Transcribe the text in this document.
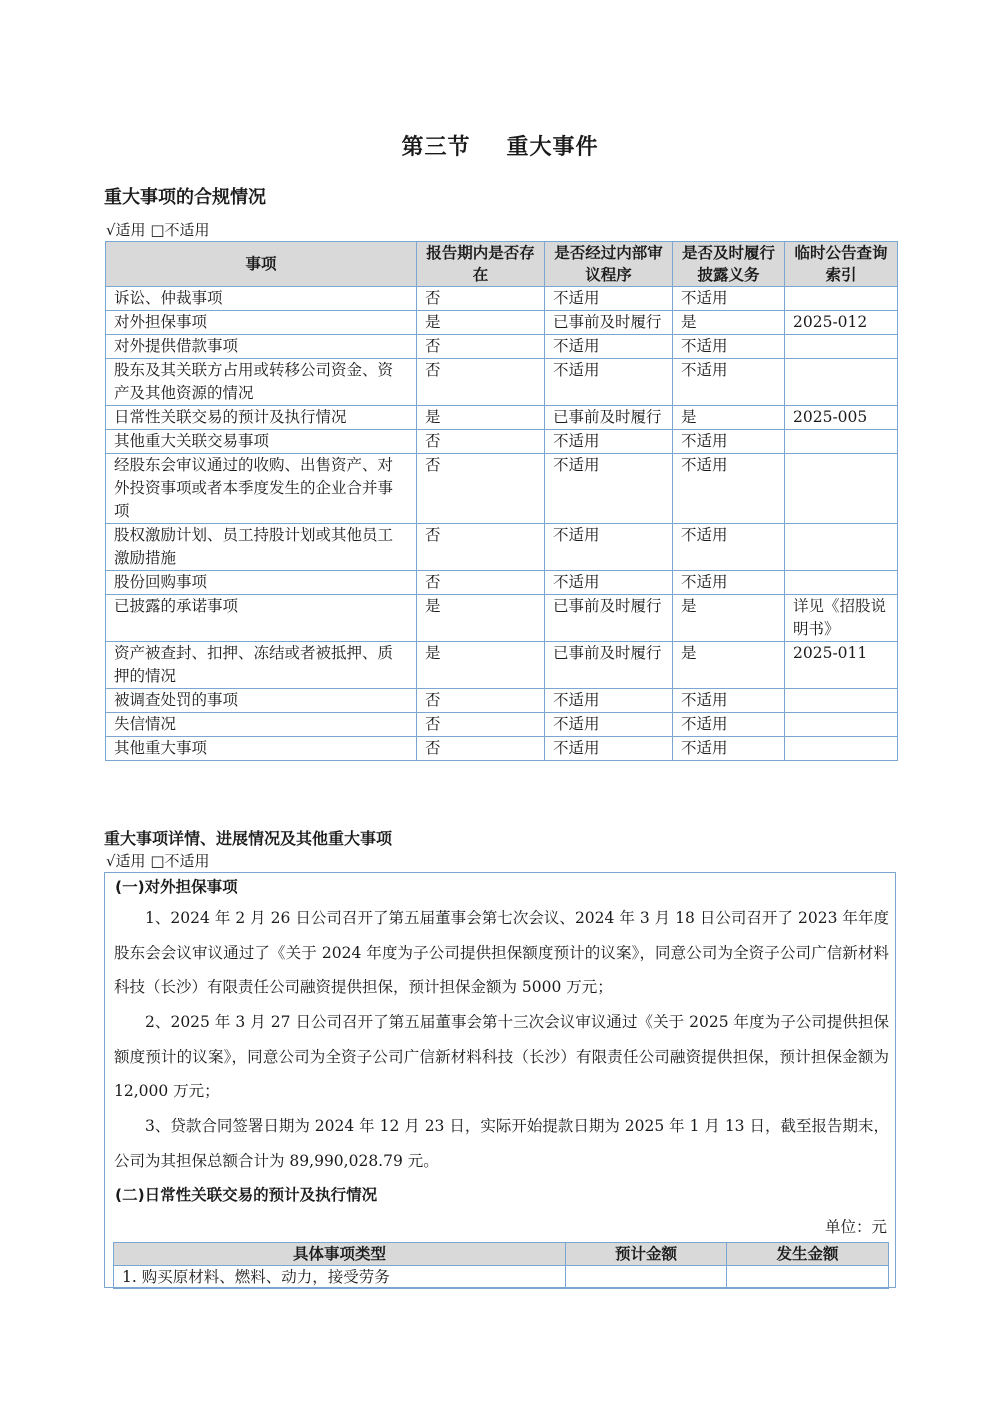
第三节 重大事件
重大事项的合规情况
√适用 □不适用
事项	报告期内是否存在	是否经过内部审议程序	是否及时履行披露义务	临时公告查询索引
诉讼、仲裁事项	否	不适用	不适用	
对外担保事项	是	已事前及时履行	是	2025-012
对外提供借款事项	否	不适用	不适用	
股东及其关联方占用或转移公司资金、资产及其他资源的情况	否	不适用	不适用	
日常性关联交易的预计及执行情况	是	已事前及时履行	是	2025-005
其他重大关联交易事项	否	不适用	不适用	
经股东会审议通过的收购、出售资产、对外投资事项或者本季度发生的企业合并事项	否	不适用	不适用	
股权激励计划、员工持股计划或其他员工激励措施	否	不适用	不适用	
股份回购事项	否	不适用	不适用	
已披露的承诺事项	是	已事前及时履行	是	详见《招股说明书》
资产被查封、扣押、冻结或者被抵押、质押的情况	是	已事前及时履行	是	2025-011
被调查处罚的事项	否	不适用	不适用	
失信情况	否	不适用	不适用	
其他重大事项	否	不适用	不适用	
重大事项详情、进展情况及其他重大事项
√适用 □不适用
(一)对外担保事项
1、2024 年 2 月 26 日公司召开了第五届董事会第七次会议、2024 年 3 月 18 日公司召开了 2023 年年度股东会会议审议通过了《关于 2024 年度为子公司提供担保额度预计的议案》，同意公司为全资子公司广信新材料科技（长沙）有限责任公司融资提供担保，预计担保金额为 5000 万元；
2、2025 年 3 月 27 日公司召开了第五届董事会第十三次会议审议通过《关于 2025 年度为子公司提供担保额度预计的议案》，同意公司为全资子公司广信新材料科技（长沙）有限责任公司融资提供担保，预计担保金额为 12,000 万元；
3、贷款合同签署日期为 2024 年 12 月 23 日，实际开始提款日期为 2025 年 1 月 13 日，截至报告期末，公司为其担保总额合计为 89,990,028.79 元。
(二)日常性关联交易的预计及执行情况
单位：元
具体事项类型	预计金额	发生金额
1. 购买原材料、燃料、动力，接受劳务		
